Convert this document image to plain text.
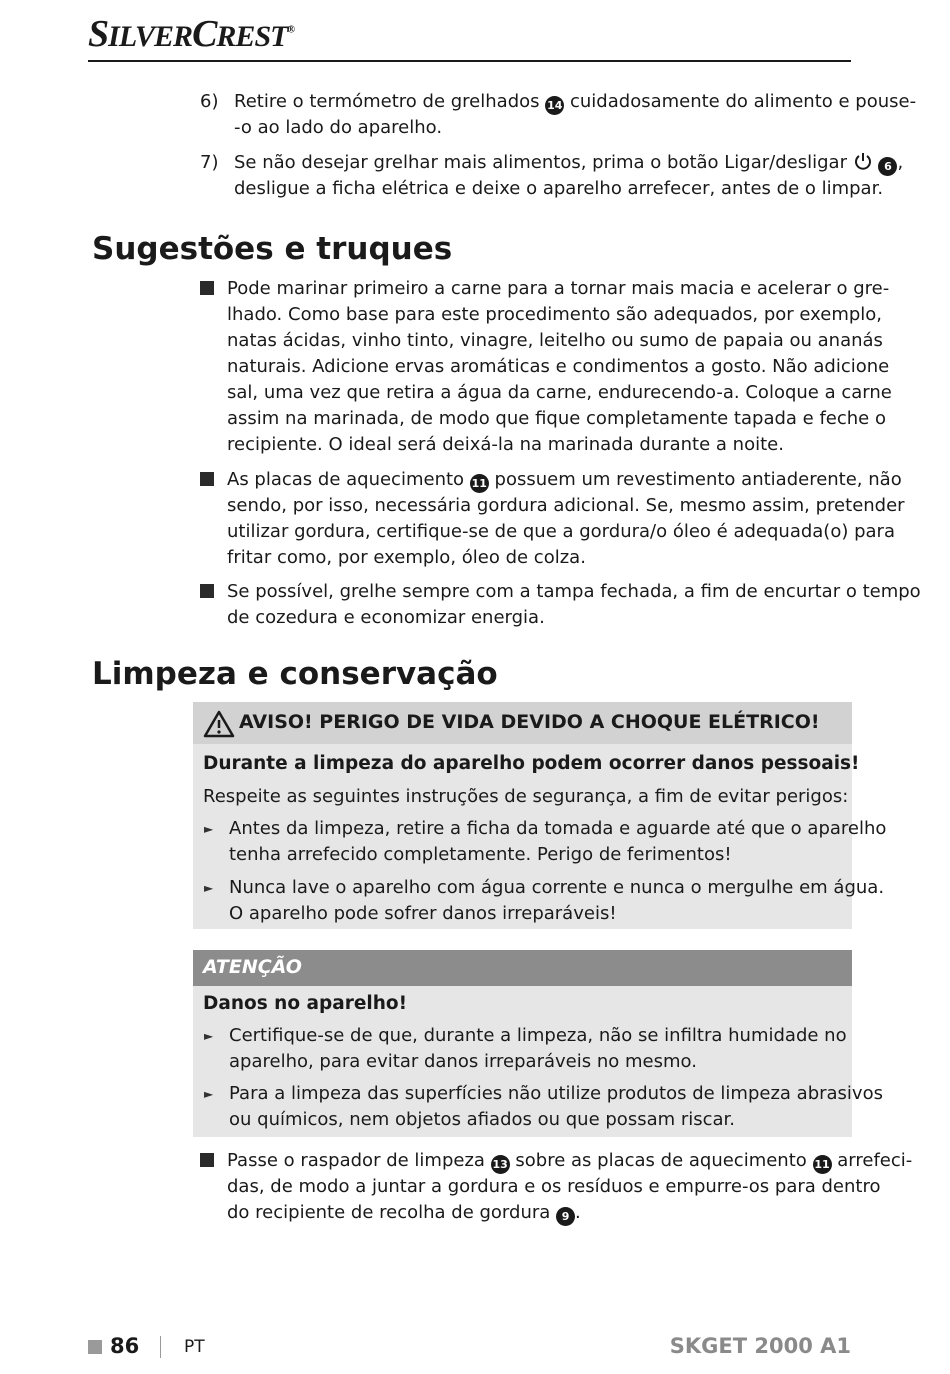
SILVERCREST®
6) Retire o termómetro de grelhados 14 cuidadosamente do alimento e pouse-
-o ao lado do aparelho.
7) Se não desejar grelhar mais alimentos, prima o botão Ligar/desligar	6 ,
desligue a ficha elétrica e deixe o aparelho arrefecer, antes de o limpar.
Sugestões e truques
Pode marinar primeiro a carne para a tornar mais macia e acelerar o gre-
lhado. Como base para este procedimento são adequados, por exemplo,
natas ácidas, vinho tinto, vinagre, leitelho ou sumo de papaia ou ananás
naturais. Adicione ervas aromáticas e condimentos a gosto. Não adicione
sal, uma vez que retira a água da carne, endurecendo-a. Coloque a carne
assim na marinada, de modo que fique completamente tapada e feche o
recipiente. O ideal será deixá-la na marinada durante a noite.
As placas de aquecimento 11 possuem um revestimento antiaderente, não
sendo, por isso, necessária gordura adicional. Se, mesmo assim, pretender
utilizar gordura, certifique-se de que a gordura/o óleo é adequada(o) para
fritar como, por exemplo, óleo de colza.
Se possível, grelhe sempre com a tampa fechada, a fim de encurtar o tempo
de cozedura e economizar energia.
Limpeza e conservação
AVISO! PERIGO DE VIDA DEVIDO A CHOQUE ELÉTRICO!
Durante a limpeza do aparelho podem ocorrer danos pessoais!
Respeite as seguintes instruções de segurança, a fim de evitar perigos:
► Antes da limpeza, retire a ficha da tomada e aguarde até que o aparelho
tenha arrefecido completamente. Perigo de ferimentos!
► Nunca lave o aparelho com água corrente e nunca o mergulhe em água.
O aparelho pode sofrer danos irreparáveis!
ATENÇÃO
Danos no aparelho!
► Certifique-se de que, durante a limpeza, não se infiltra humidade no
aparelho, para evitar danos irreparáveis no mesmo.
► Para a limpeza das superfícies não utilize produtos de limpeza abrasivos
ou químicos, nem objetos afiados ou que possam riscar.
Passe o raspador de limpeza 13 sobre as placas de aquecimento 11 arrefeci-
das, de modo a juntar a gordura e os resíduos e empurre-os para dentro
do recipiente de recolha de gordura 9 .
86	PT	SKGET 2000 A1
